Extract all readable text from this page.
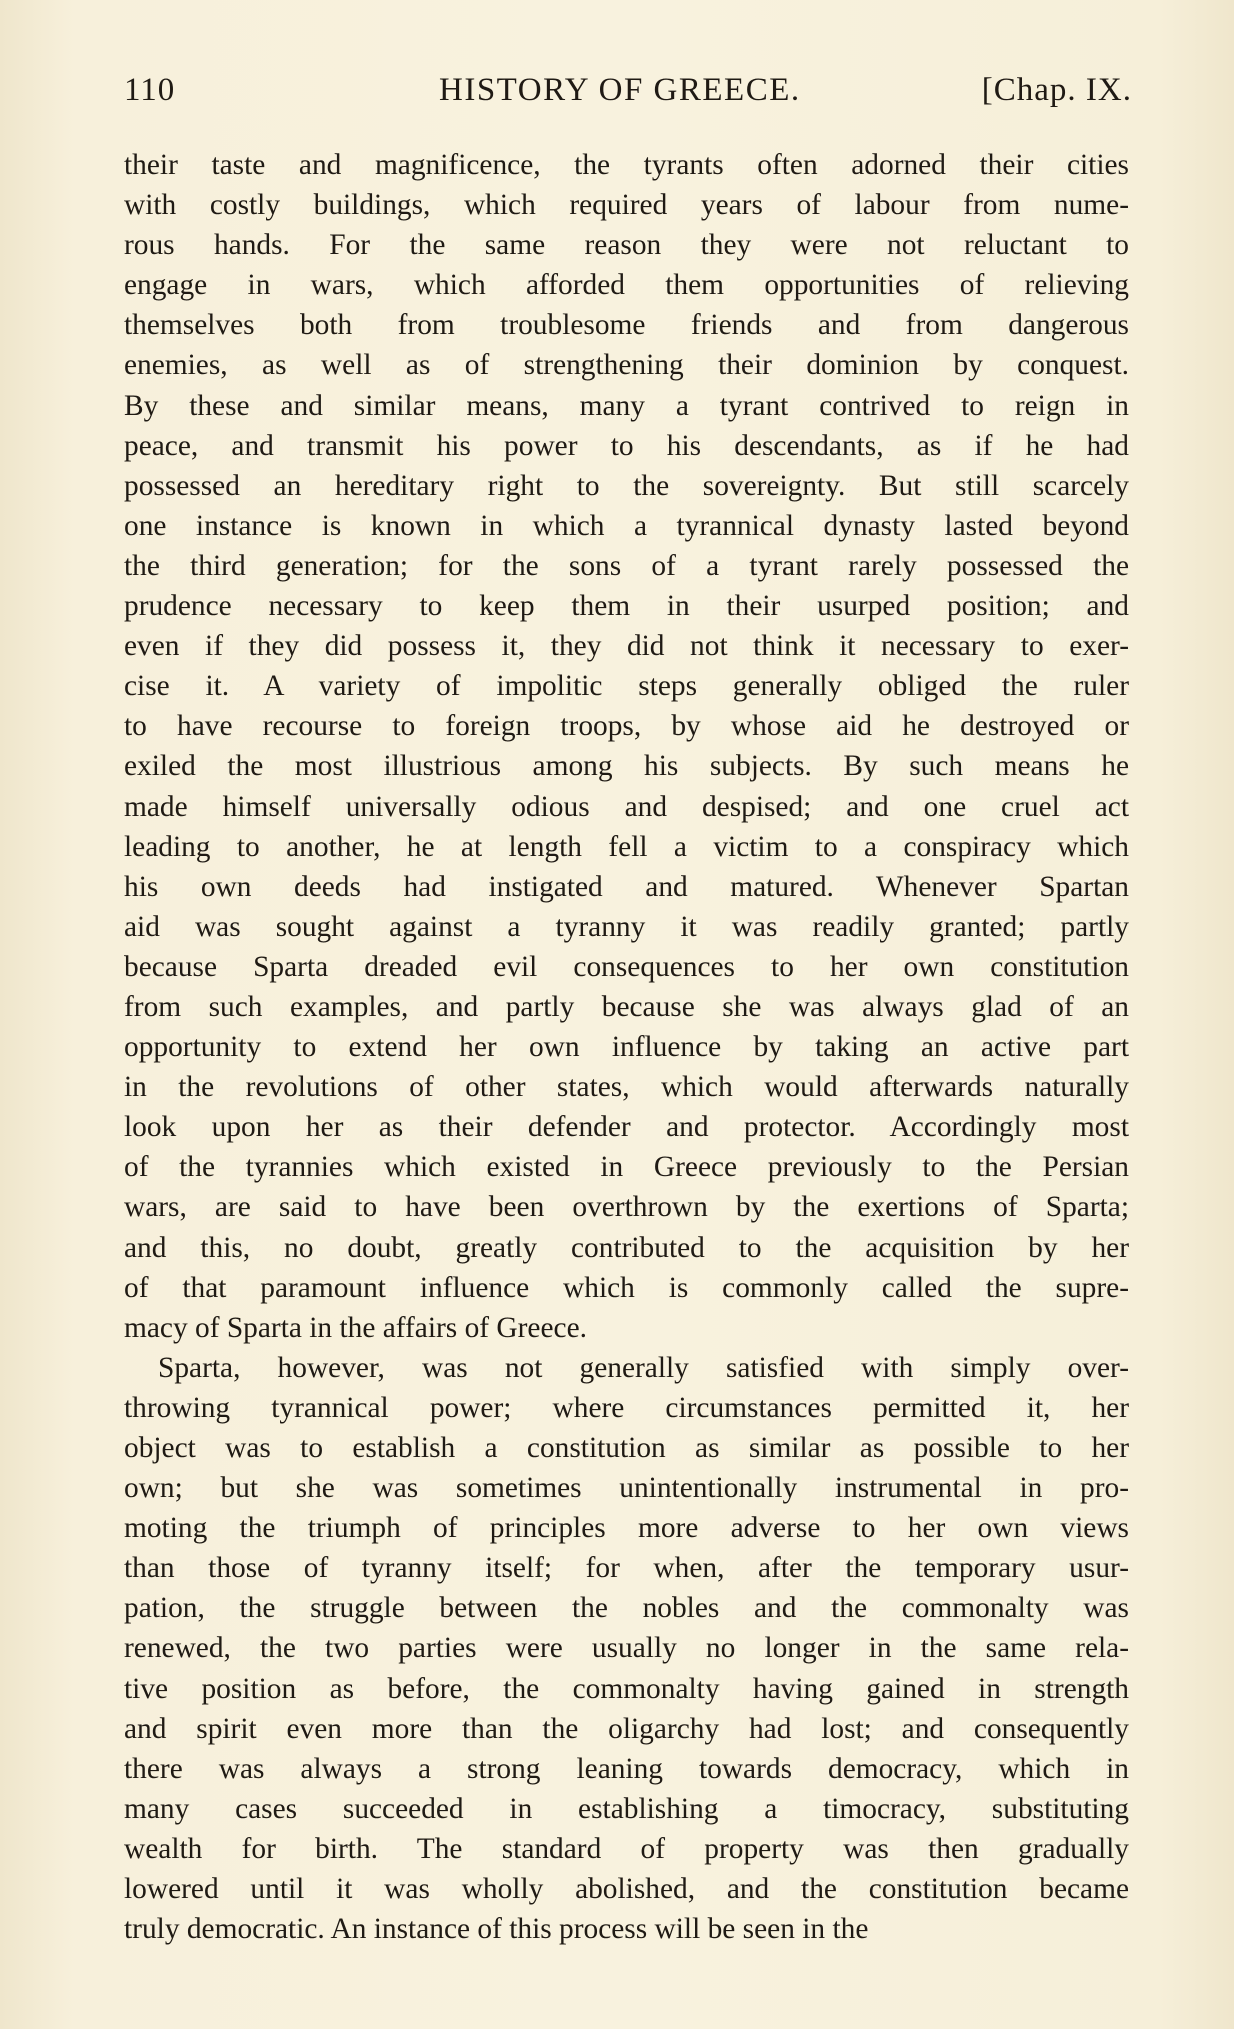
110	HISTORY OF GREECE.	[Chap. IX.
their taste and magnificence, the tyrants often adorned their cities
with costly buildings, which required years of labour from nume-
rous hands. For the same reason they were not reluctant to
engage in wars, which afforded them opportunities of relieving
themselves both from troublesome friends and from dangerous
enemies, as well as of strengthening their dominion by conquest.
By these and similar means, many a tyrant contrived to reign in
peace, and transmit his power to his descendants, as if he had
possessed an hereditary right to the sovereignty. But still scarcely
one instance is known in which a tyrannical dynasty lasted beyond
the third generation; for the sons of a tyrant rarely possessed the
prudence necessary to keep them in their usurped position; and
even if they did possess it, they did not think it necessary to exer-
cise it. A variety of impolitic steps generally obliged the ruler
to have recourse to foreign troops, by whose aid he destroyed or
exiled the most illustrious among his subjects. By such means he
made himself universally odious and despised; and one cruel act
leading to another, he at length fell a victim to a conspiracy which
his own deeds had instigated and matured. Whenever Spartan
aid was sought against a tyranny it was readily granted; partly
because Sparta dreaded evil consequences to her own constitution
from such examples, and partly because she was always glad of an
opportunity to extend her own influence by taking an active part
in the revolutions of other states, which would afterwards naturally
look upon her as their defender and protector. Accordingly most
of the tyrannies which existed in Greece previously to the Persian
wars, are said to have been overthrown by the exertions of Sparta;
and this, no doubt, greatly contributed to the acquisition by her
of that paramount influence which is commonly called the supre-
macy of Sparta in the affairs of Greece.
Sparta, however, was not generally satisfied with simply over-
throwing tyrannical power; where circumstances permitted it, her
object was to establish a constitution as similar as possible to her
own; but she was sometimes unintentionally instrumental in pro-
moting the triumph of principles more adverse to her own views
than those of tyranny itself; for when, after the temporary usur-
pation, the struggle between the nobles and the commonalty was
renewed, the two parties were usually no longer in the same rela-
tive position as before, the commonalty having gained in strength
and spirit even more than the oligarchy had lost; and consequently
there was always a strong leaning towards democracy, which in
many cases succeeded in establishing a timocracy, substituting
wealth for birth. The standard of property was then gradually
lowered until it was wholly abolished, and the constitution became
truly democratic. An instance of this process will be seen in the
